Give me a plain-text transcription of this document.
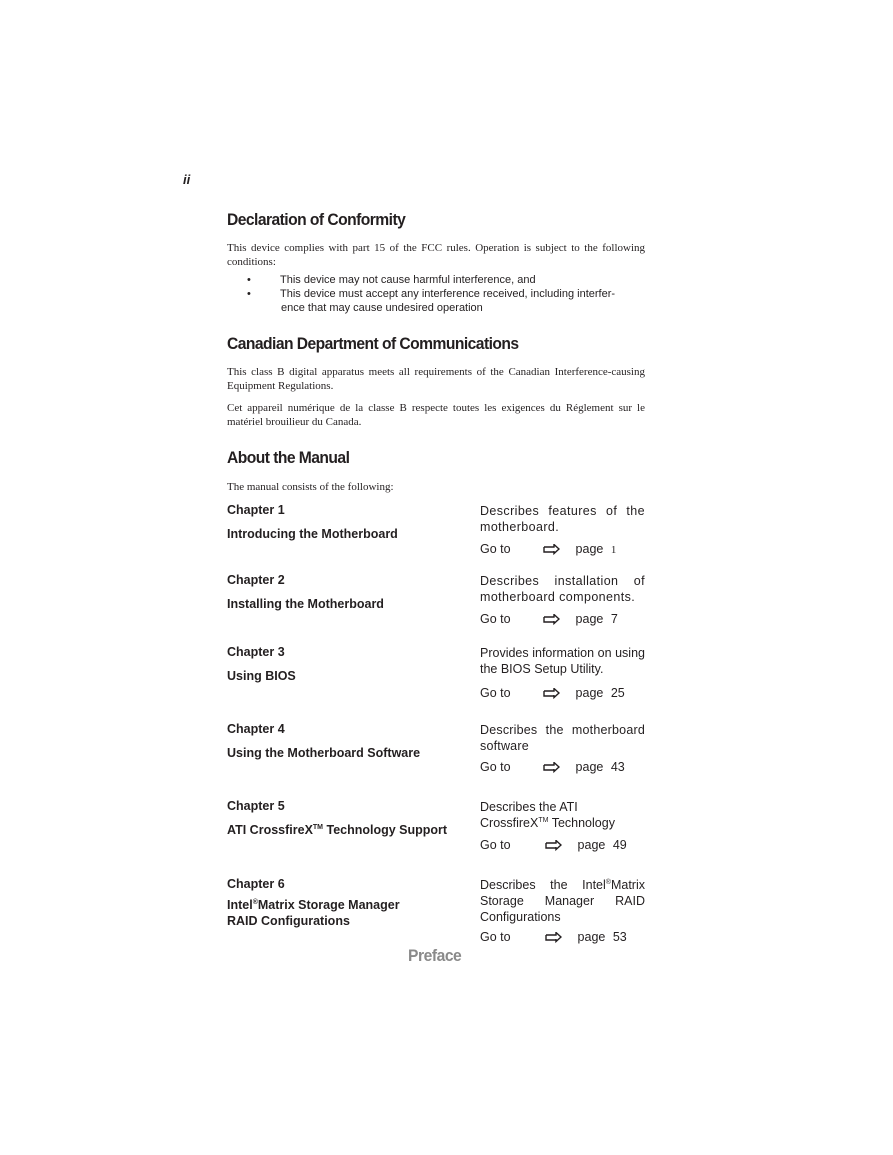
ii
Declaration of Conformity
This device complies with part 15 of the FCC rules. Operation is subject to the following conditions:
•	This device may not cause harmful interference, and
•	This device must accept any interference received, including interfer-
ence that may cause undesired operation
Canadian Department of Communications
This class B digital apparatus meets all requirements of the Canadian Interference-causing Equipment Regulations.
Cet appareil numérique de la classe B respecte toutes les exigences du Réglement sur le matériel brouilieur du Canada.
About the Manual
The manual consists of the following:
Chapter 1
Introducing the Motherboard
Describes features of the motherboard.
Go to	page 1
Chapter 2
Installing the Motherboard
Describes installation of motherboard components.
Go to	page 7
Chapter 3
Using BIOS
Provides information on using the BIOS Setup Utility.
Go to	page 25
Chapter 4
Using the Motherboard Software
Describes the motherboard software
Go to	page 43
Chapter 5
ATI CrossfireX™ Technology Support
Describes the ATI CrossfireX™ Technology
Go to	page 49
Chapter 6
Intel®Matrix Storage Manager
RAID Configurations
Describes the Intel®Matrix Storage Manager RAID Configurations
Go to	page 53
Preface
